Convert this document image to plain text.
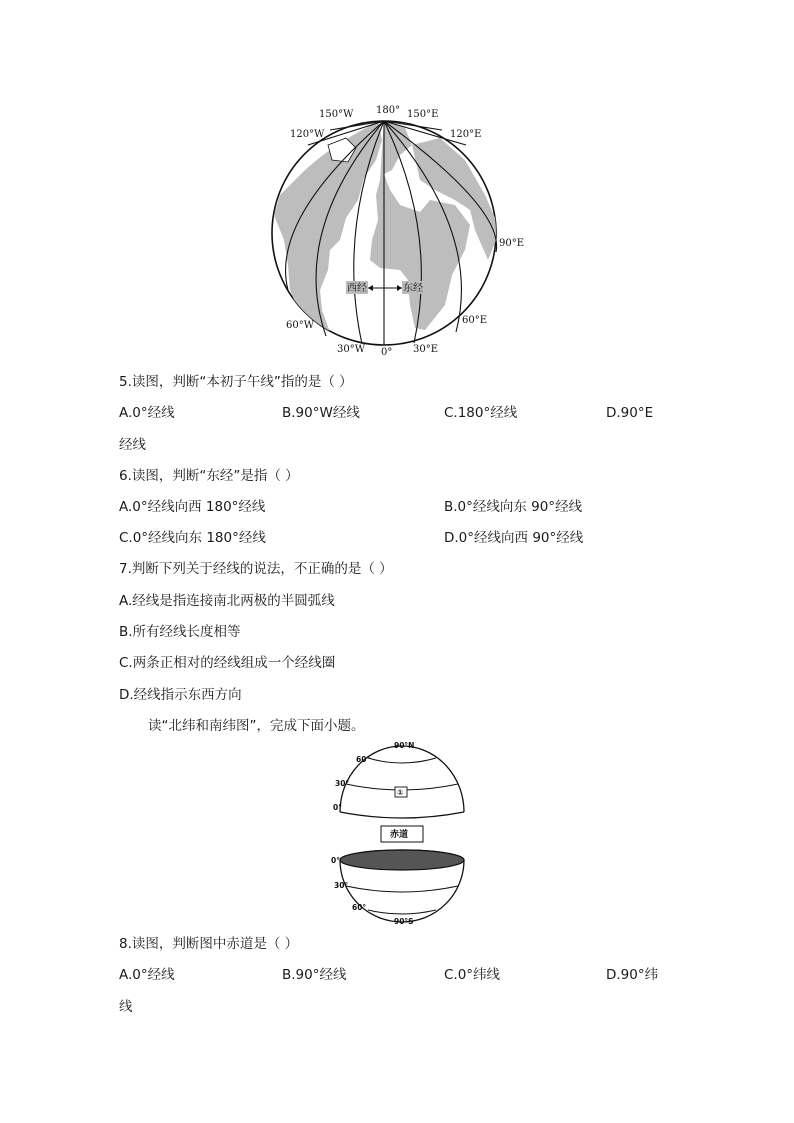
150°W 180° 150°E
120°W	120°E
90°E
西经	东经
60°W	60°E
30°W 0° 30°E
5.读图，判断“本初子午线”指的是（ ）
A.0°经线	B.90°W经线	C.180°经线	D.90°E
经线
6.读图，判断“东经”是指（ ）
A.0°经线向西 180°经线	B.0°经线向东 90°经线
C.0°经线向东 180°经线	D.0°经线向西 90°经线
7.判断下列关于经线的说法，不正确的是（ ）
A.经线是指连接南北两极的半圆弧线
B.所有经线长度相等
C.两条正相对的经线组成一个经线圈
D.经线指示东西方向
读“北纬和南纬图”，完成下面小题。
90°N
60°
30°
0°
①
赤道
0°
30°
60°
90°S
8.读图，判断图中赤道是（ ）
A.0°经线	B.90°经线	C.0°纬线	D.90°纬
线
